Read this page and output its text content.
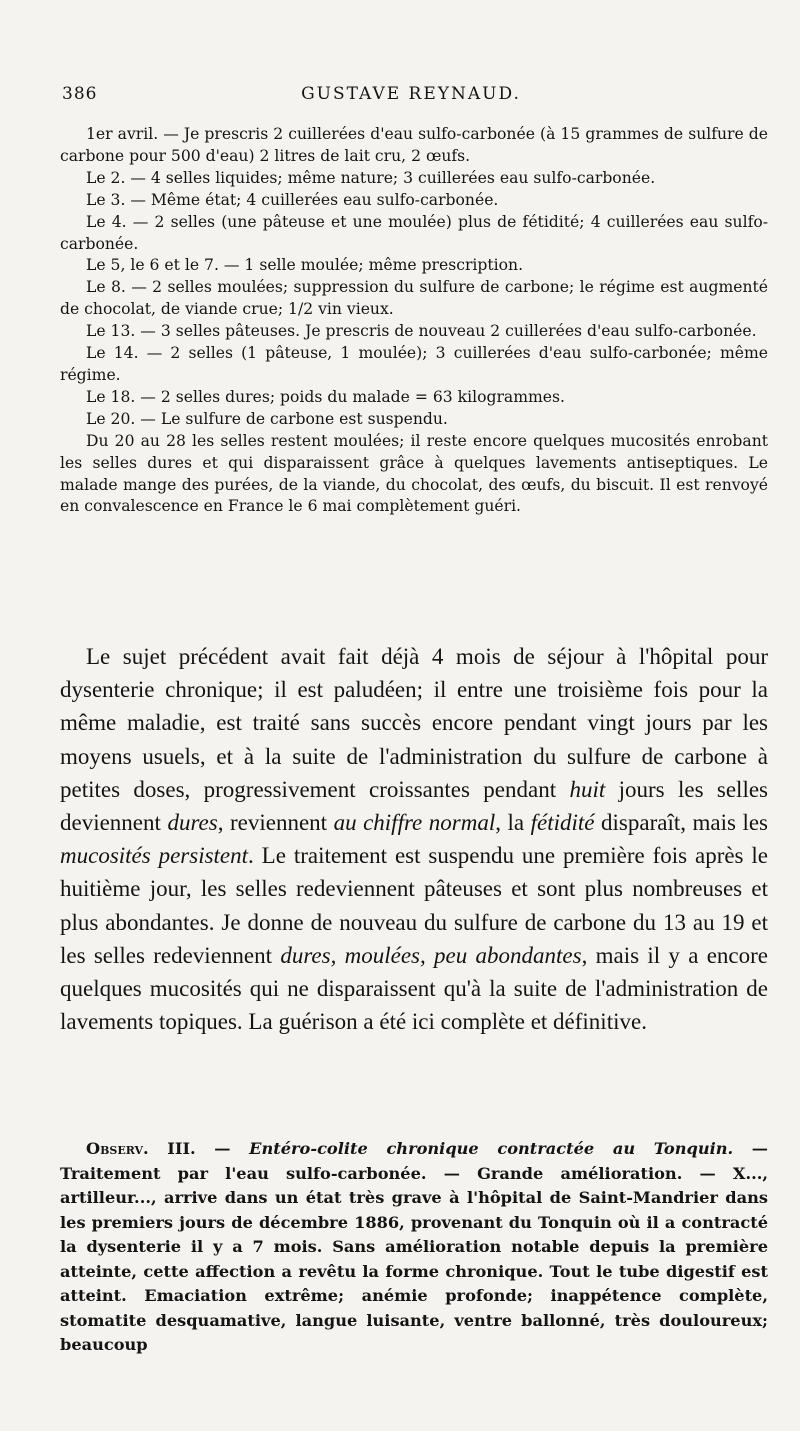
386	GUSTAVE REYNAUD.

1er avril. — Je prescris 2 cuillerées d'eau sulfo-carbonée (à 15 grammes de sulfure de carbone pour 500 d'eau) 2 litres de lait cru, 2 œufs.

Le 2. — 4 selles liquides; même nature; 3 cuillerées eau sulfo-carbonée.

Le 3. — Même état; 4 cuillerées eau sulfo-carbonée.

Le 4. — 2 selles (une pâteuse et une moulée) plus de fétidité; 4 cuillerées eau sulfo-carbonée.

Le 5, le 6 et le 7. — 1 selle moulée; même prescription.

Le 8. — 2 selles moulées; suppression du sulfure de carbone; le régime est augmenté de chocolat, de viande crue; 1/2 vin vieux.

Le 13. — 3 selles pâteuses. Je prescris de nouveau 2 cuillerées d'eau sulfo-carbonée.

Le 14. — 2 selles (1 pâteuse, 1 moulée); 3 cuillerées d'eau sulfo-carbonée; même régime.

Le 18. — 2 selles dures; poids du malade = 63 kilogrammes.

Le 20. — Le sulfure de carbone est suspendu.

Du 20 au 28 les selles restent moulées; il reste encore quelques mucosités enrobant les selles dures et qui disparaissent grâce à quelques lavements antiseptiques. Le malade mange des purées, de la viande, du chocolat, des œufs, du biscuit. Il est renvoyé en convalescence en France le 6 mai complètement guéri.

Le sujet précédent avait fait déjà 4 mois de séjour à l'hôpital pour dysenterie chronique; il est paludéen; il entre une troisième fois pour la même maladie, est traité sans succès encore pendant vingt jours par les moyens usuels, et à la suite de l'administration du sulfure de carbone à petites doses, progressivement croissantes pendant huit jours les selles deviennent dures, reviennent au chiffre normal, la fétidité disparaît, mais les mucosités persistent. Le traitement est suspendu une première fois après le huitième jour, les selles redeviennent pâteuses et sont plus nombreuses et plus abondantes. Je donne de nouveau du sulfure de carbone du 13 au 19 et les selles redeviennent dures, moulées, peu abondantes, mais il y a encore quelques mucosités qui ne disparaissent qu'à la suite de l'administration de lavements topiques. La guérison a été ici complète et définitive.

Observ. III. — Entéro-colite chronique contractée au Tonquin. — Traitement par l'eau sulfo-carbonée. — Grande amélioration. — X..., artilleur..., arrive dans un état très grave à l'hôpital de Saint-Mandrier dans les premiers jours de décembre 1886, provenant du Tonquin où il a contracté la dysenterie il y a 7 mois. Sans amélioration notable depuis la première atteinte, cette affection a revêtu la forme chronique. Tout le tube digestif est atteint. Emaciation extrême; anémie profonde; inappétence complète, stomatite desquamative, langue luisante, ventre ballonné, très douloureux; beaucoup
